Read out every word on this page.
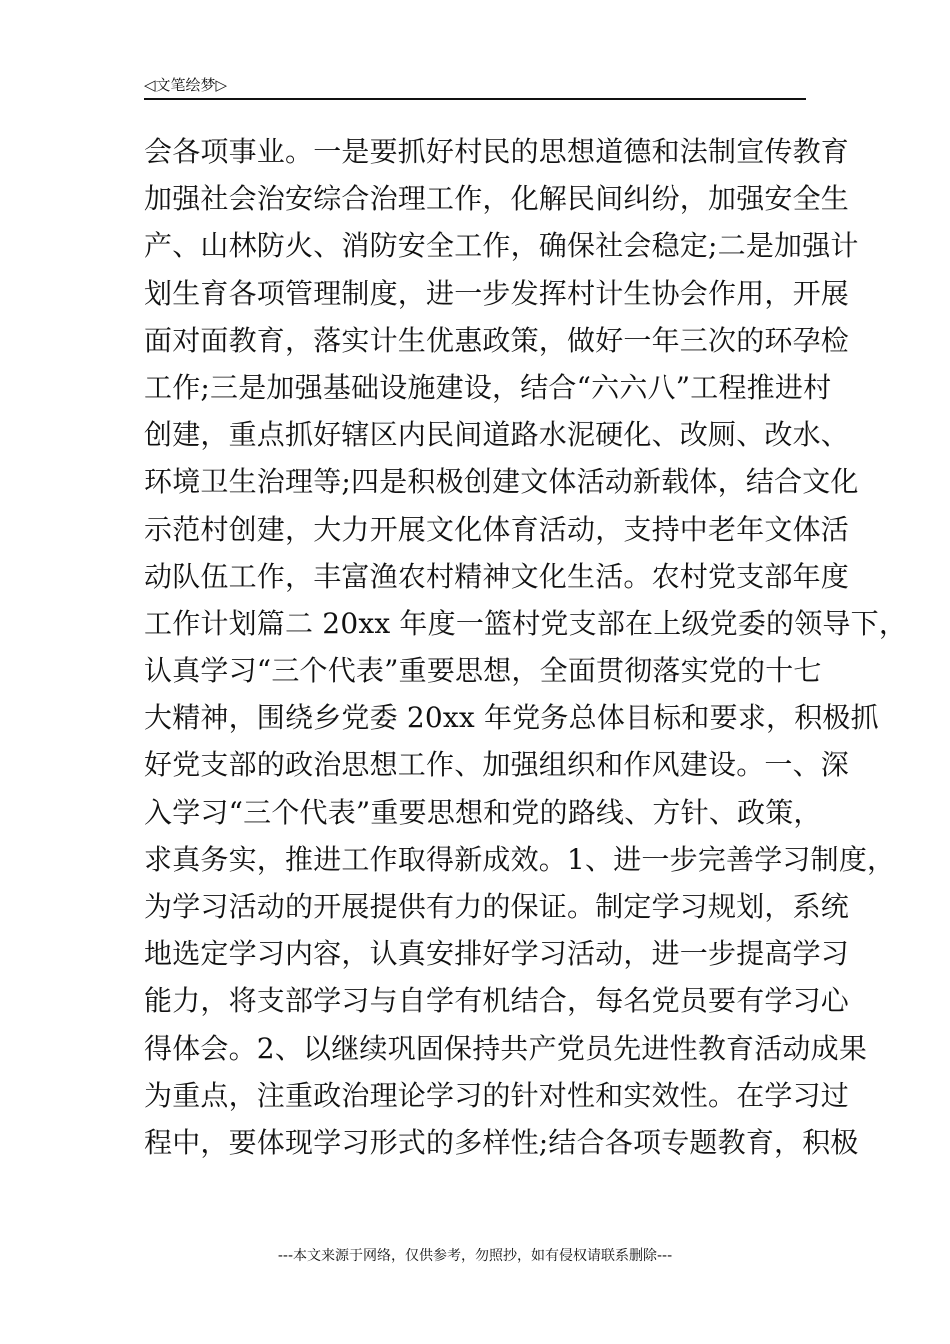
◁文笔绘梦▷
会各项事业。一是要抓好村民的思想道德和法制宣传教育
加强社会治安综合治理工作，化解民间纠纷，加强安全生
产、山林防火、消防安全工作，确保社会稳定;二是加强计
划生育各项管理制度，进一步发挥村计生协会作用，开展
面对面教育，落实计生优惠政策，做好一年三次的环孕检
工作;三是加强基础设施建设，结合“六六八”工程推进村
创建，重点抓好辖区内民间道路水泥硬化、改厕、改水、
环境卫生治理等;四是积极创建文体活动新载体，结合文化
示范村创建，大力开展文化体育活动，支持中老年文体活
动队伍工作，丰富渔农村精神文化生活。农村党支部年度
工作计划篇二 20xx 年度一篮村党支部在上级党委的领导下，
认真学习“三个代表”重要思想，全面贯彻落实党的十七
大精神，围绕乡党委 20xx 年党务总体目标和要求，积极抓
好党支部的政治思想工作、加强组织和作风建设。一、深
入学习“三个代表”重要思想和党的路线、方针、政策，
求真务实，推进工作取得新成效。1、进一步完善学习制度，
为学习活动的开展提供有力的保证。制定学习规划，系统
地选定学习内容，认真安排好学习活动，进一步提高学习
能力，将支部学习与自学有机结合，每名党员要有学习心
得体会。2、以继续巩固保持共产党员先进性教育活动成果
为重点，注重政治理论学习的针对性和实效性。在学习过
程中，要体现学习形式的多样性;结合各项专题教育，积极
---本文来源于网络，仅供参考，勿照抄，如有侵权请联系删除---
